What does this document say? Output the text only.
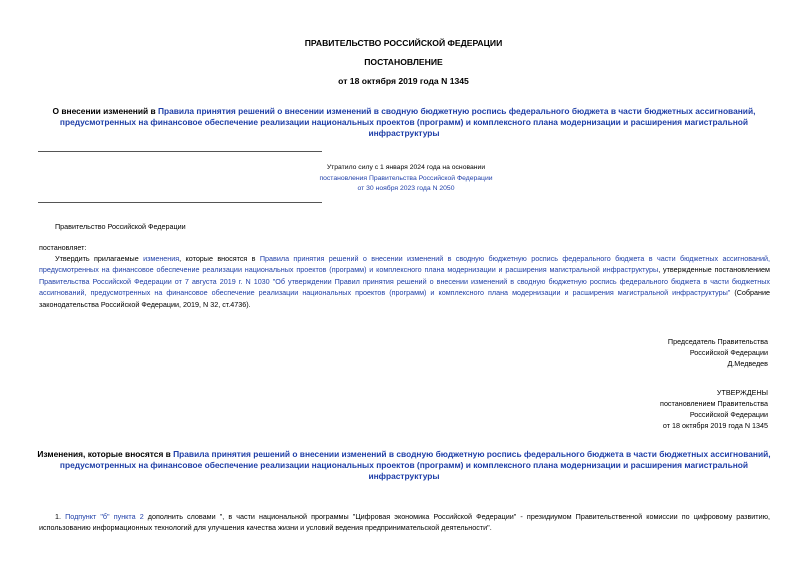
ПРАВИТЕЛЬСТВО РОССИЙСКОЙ ФЕДЕРАЦИИ
ПОСТАНОВЛЕНИЕ
от 18 октября 2019 года N 1345
О внесении изменений в Правила принятия решений о внесении изменений в сводную бюджетную роспись федерального бюджета в части бюджетных ассигнований, предусмотренных на финансовое обеспечение реализации национальных проектов (программ) и комплексного плана модернизации и расширения магистральной инфраструктуры
Утратило силу с 1 января 2024 года на основании
постановления Правительства Российской Федерации
от 30 ноября 2023 года N 2050
Правительство Российской Федерации
постановляет:
Утвердить прилагаемые изменения, которые вносятся в Правила принятия решений о внесении изменений в сводную бюджетную роспись федерального бюджета в части бюджетных ассигнований, предусмотренных на финансовое обеспечение реализации национальных проектов (программ) и комплексного плана модернизации и расширения магистральной инфраструктуры, утвержденные постановлением Правительства Российской Федерации от 7 августа 2019 г. N 1030 "Об утверждении Правил принятия решений о внесении изменений в сводную бюджетную роспись федерального бюджета в части бюджетных ассигнований, предусмотренных на финансовое обеспечение реализации национальных проектов (программ) и комплексного плана модернизации и расширения магистральной инфраструктуры" (Собрание законодательства Российской Федерации, 2019, N 32, ст.4736).
Председатель Правительства
Российской Федерации
Д.Медведев
УТВЕРЖДЕНЫ
постановлением Правительства
Российской Федерации
от 18 октября 2019 года N 1345
Изменения, которые вносятся в Правила принятия решений о внесении изменений в сводную бюджетную роспись федерального бюджета в части бюджетных ассигнований, предусмотренных на финансовое обеспечение реализации национальных проектов (программ) и комплексного плана модернизации и расширения магистральной инфраструктуры
1. Подпункт "б" пункта 2 дополнить словами ", в части национальной программы "Цифровая экономика Российской Федерации" - президиумом Правительственной комиссии по цифровому развитию, использованию информационных технологий для улучшения качества жизни и условий ведения предпринимательской деятельности".
